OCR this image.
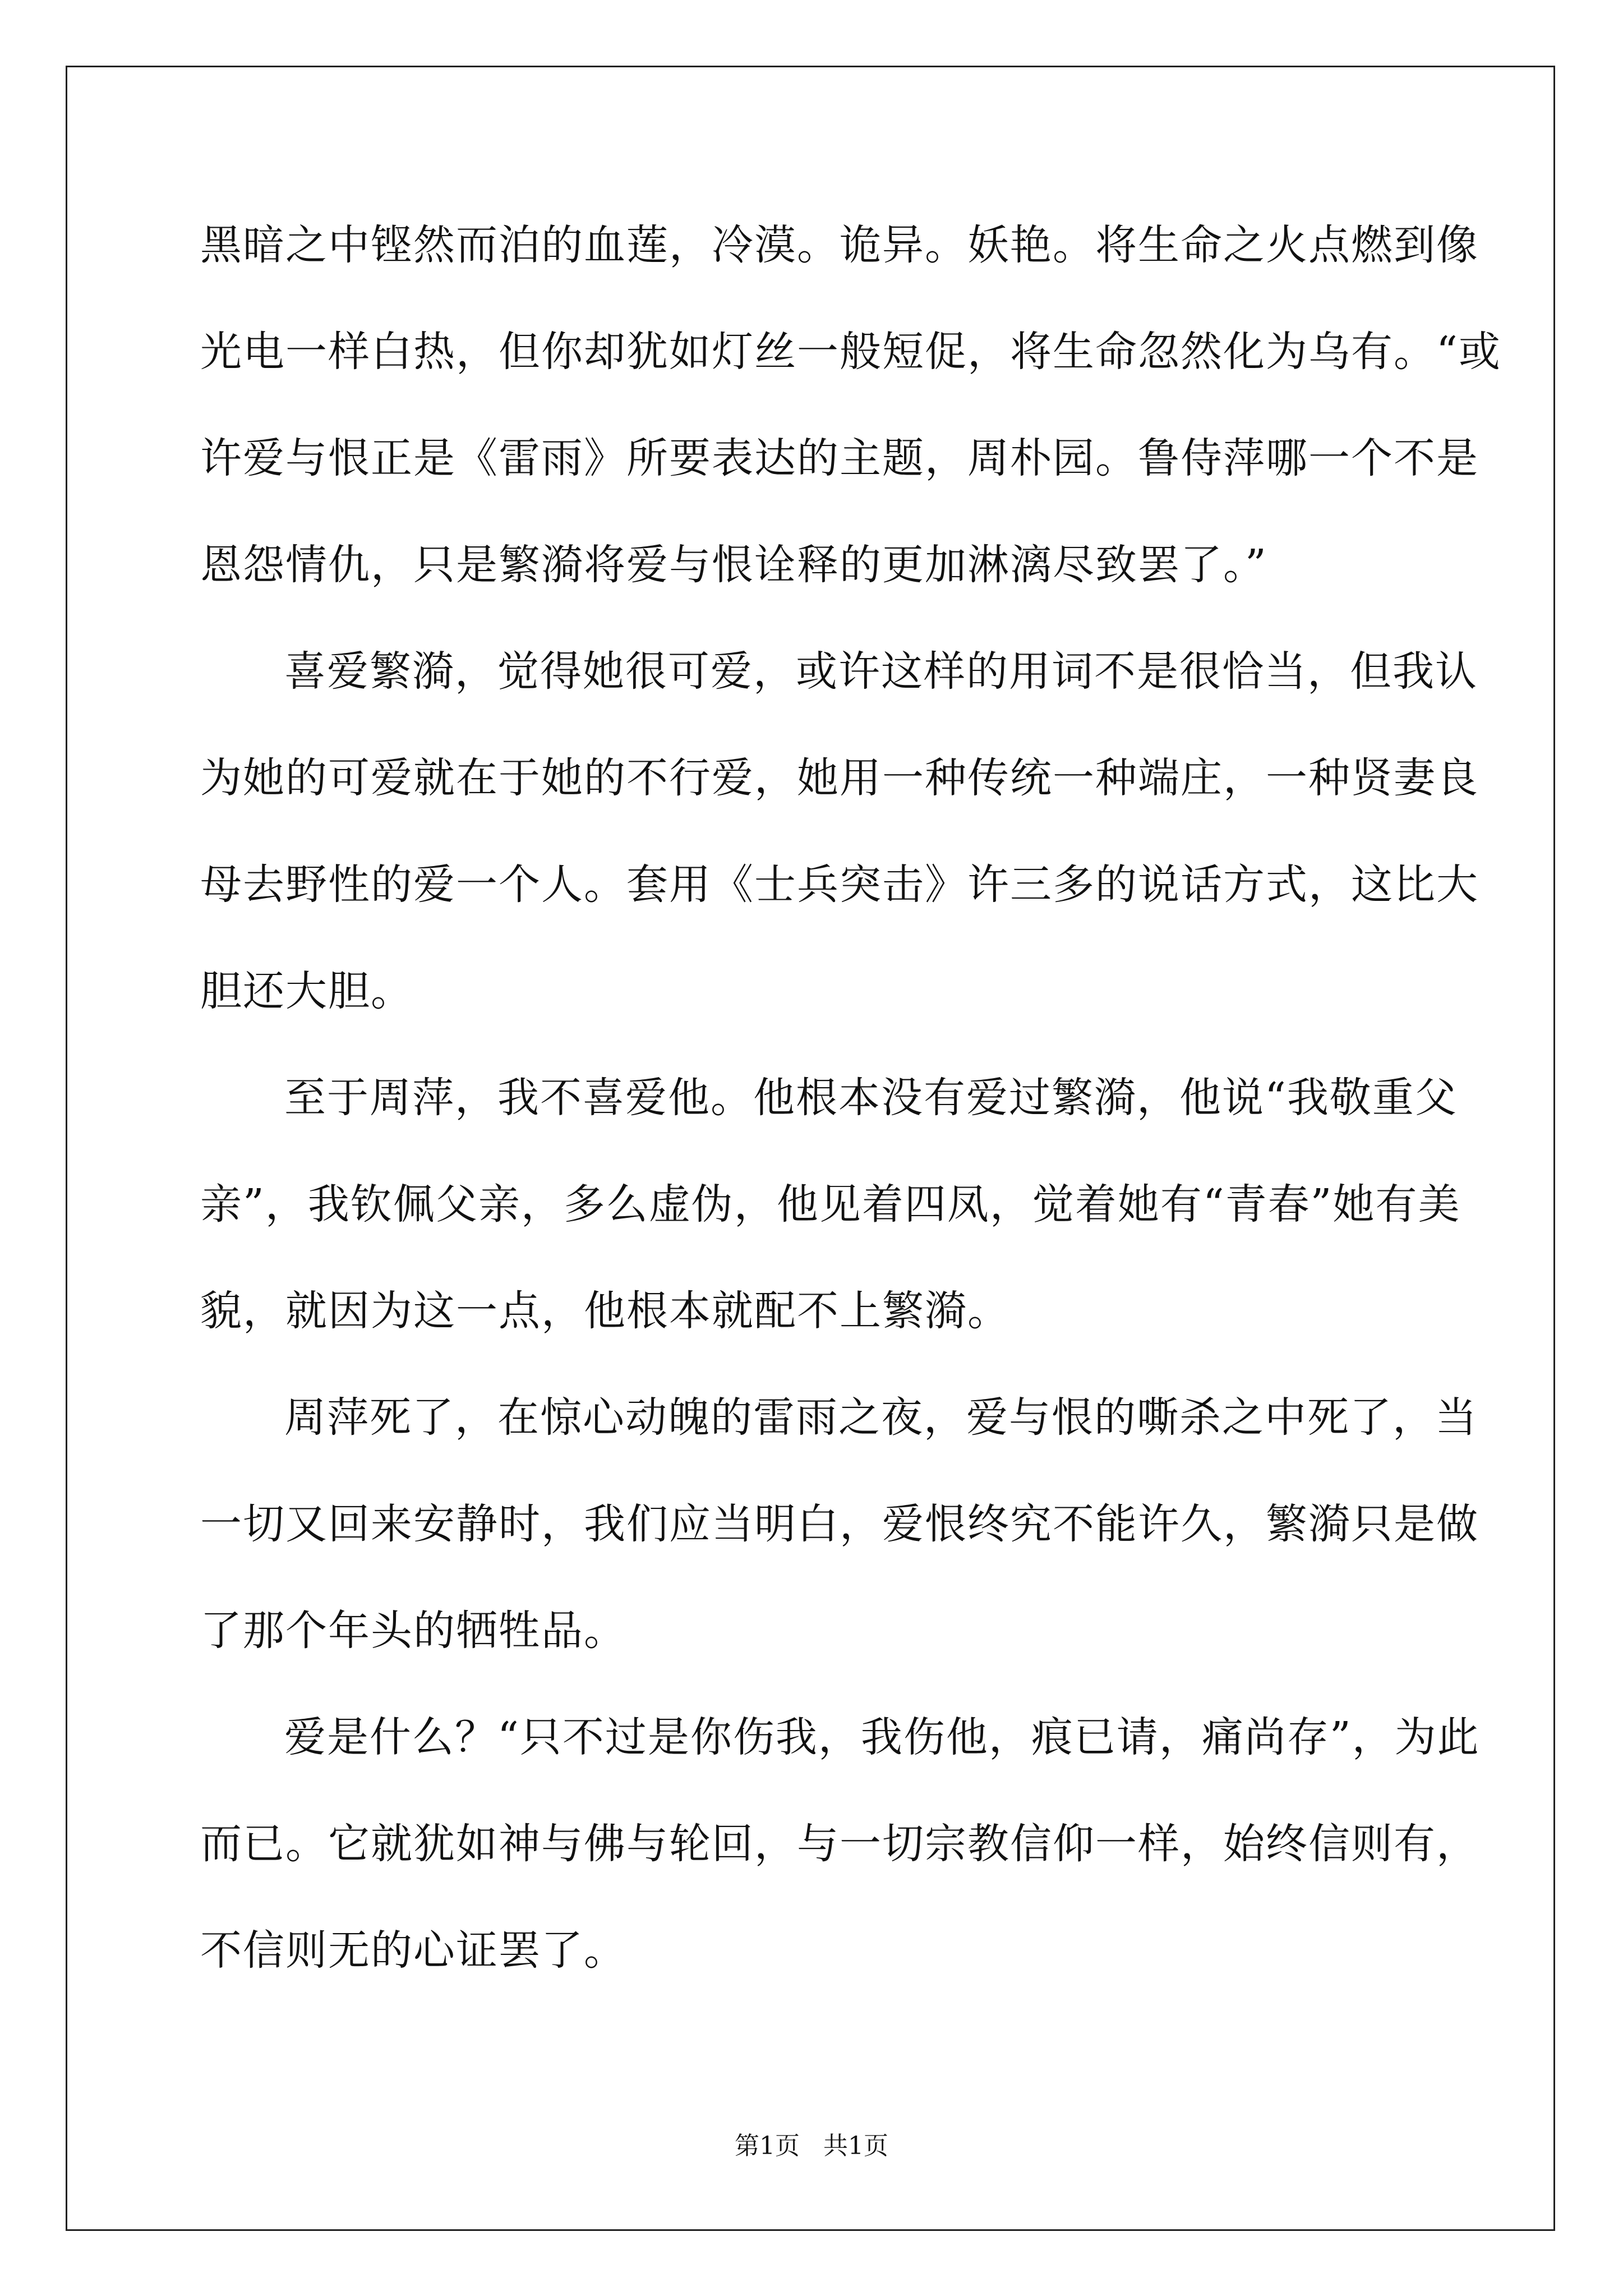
黑暗之中铿然而泊的血莲，冷漠。诡异。妖艳。将生命之火点燃到像
光电一样白热，但你却犹如灯丝一般短促，将生命忽然化为乌有。“或
许爱与恨正是《雷雨》所要表达的主题，周朴园。鲁侍萍哪一个不是
恩怨情仇，只是繁漪将爱与恨诠释的更加淋漓尽致罢了。”
喜爱繁漪，觉得她很可爱，或许这样的用词不是很恰当，但我认
为她的可爱就在于她的不行爱，她用一种传统一种端庄，一种贤妻良
母去野性的爱一个人。套用《士兵突击》许三多的说话方式，这比大
胆还大胆。
至于周萍，我不喜爱他。他根本没有爱过繁漪，他说“我敬重父
亲”，我钦佩父亲，多么虚伪，他见着四凤，觉着她有“青春”她有美
貌，就因为这一点，他根本就配不上繁漪。
周萍死了，在惊心动魄的雷雨之夜，爱与恨的嘶杀之中死了，当
一切又回来安静时，我们应当明白，爱恨终究不能许久，繁漪只是做
了那个年头的牺牲品。
爱是什么？“只不过是你伤我，我伤他，痕已请，痛尚存”，为此
而已。它就犹如神与佛与轮回，与一切宗教信仰一样，始终信则有，
不信则无的心证罢了。
第1页   共1页
